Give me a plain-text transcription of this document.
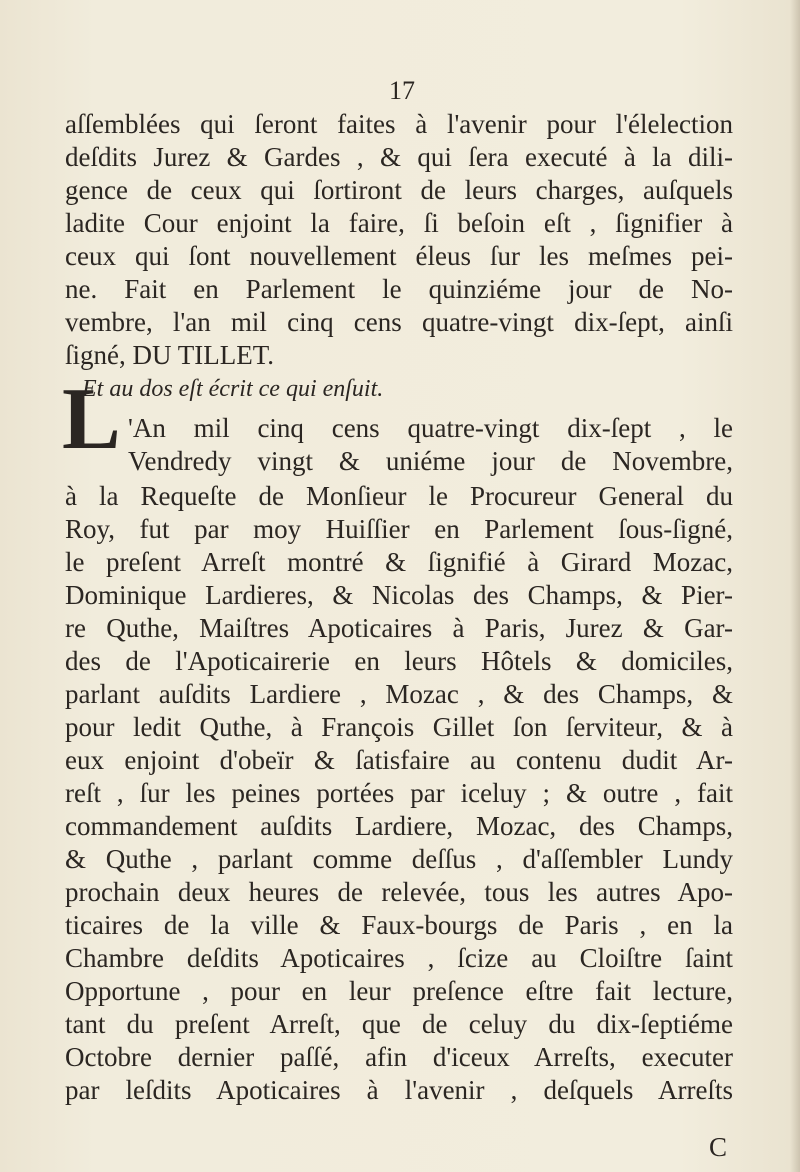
17
aſſemblées qui ſeront faites à l'avenir pour l'élelection
deſdits Jurez & Gardes , & qui ſera executé à la dili-
gence de ceux qui ſortiront de leurs charges, auſquels
ladite Cour enjoint la faire, ſi beſoin eſt , ſignifier à
ceux qui ſont nouvellement éleus ſur les meſmes pei-
ne. Fait en Parlement le quinziéme jour de No-
vembre, l'an mil cinq cens quatre-vingt dix-ſept, ainſi
ſigné, DU TILLET.
Et au dos eſt écrit ce qui enſuit.
L 'An mil cinq cens quatre-vingt dix-ſept , le
Vendredy vingt & uniéme jour de Novembre,
à la Requeſte de Monſieur le Procureur General du
Roy, fut par moy Huiſſier en Parlement ſous-ſigné,
le preſent Arreſt montré & ſignifié à Girard Mozac,
Dominique Lardieres, & Nicolas des Champs, & Pier-
re Quthe, Maiſtres Apoticaires à Paris, Jurez & Gar-
des de l'Apoticairerie en leurs Hôtels & domiciles,
parlant auſdits Lardiere , Mozac , & des Champs, &
pour ledit Quthe, à François Gillet ſon ſerviteur, & à
eux enjoint d'obeïr & ſatisfaire au contenu dudit Ar-
reſt , ſur les peines portées par iceluy ; & outre , fait
commandement auſdits Lardiere, Mozac, des Champs,
& Quthe , parlant comme deſſus , d'aſſembler Lundy
prochain deux heures de relevée, tous les autres Apo-
ticaires de la ville & Faux-bourgs de Paris , en la
Chambre deſdits Apoticaires , ſcize au Cloiſtre ſaint
Opportune , pour en leur preſence eſtre fait lecture,
tant du preſent Arreſt, que de celuy du dix-ſeptiéme
Octobre dernier paſſé, afin d'iceux Arreſts, executer
par leſdits Apoticaires à l'avenir , deſquels Arreſts
C
